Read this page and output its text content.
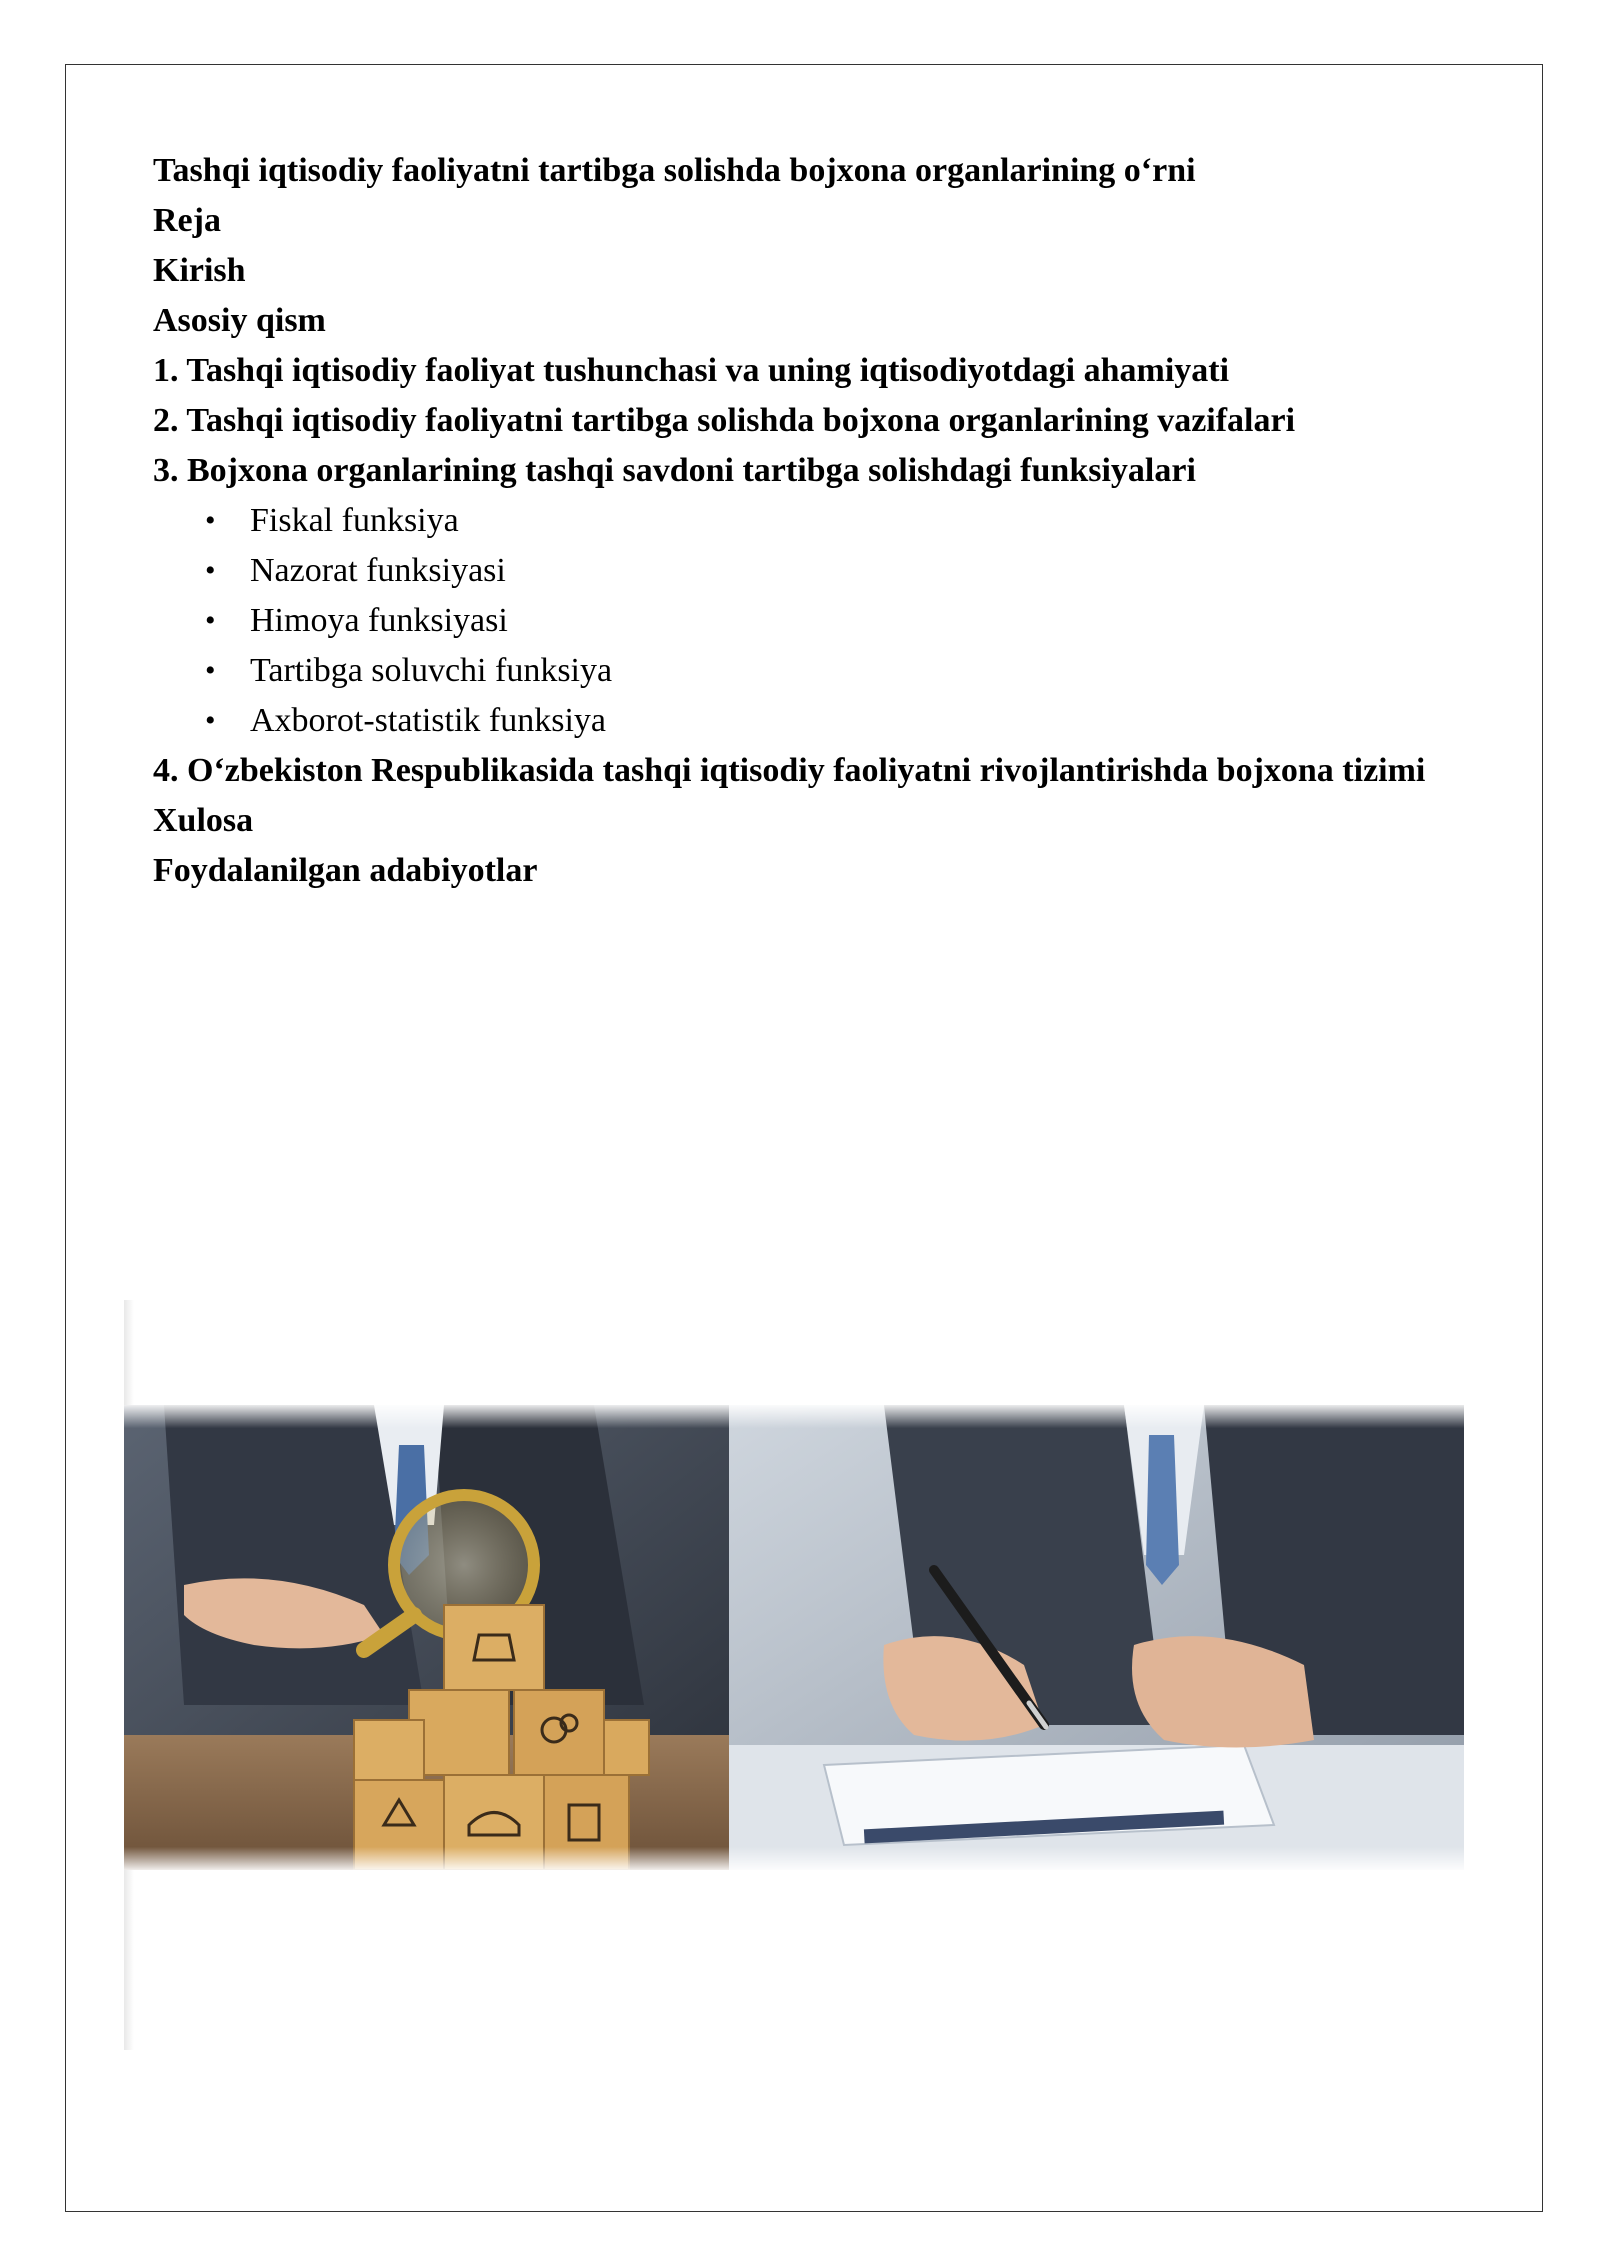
Tashqi iqtisodiy faoliyatni tartibga solishda bojxona organlarining o‘rni

Reja

Kirish

Asosiy qism

1. Tashqi iqtisodiy faoliyat tushunchasi va uning iqtisodiyotdagi ahamiyati

2. Tashqi iqtisodiy faoliyatni tartibga solishda bojxona organlarining vazifalari

3. Bojxona organlarining tashqi savdoni tartibga solishdagi funksiyalari

• Fiskal funksiya
• Nazorat funksiyasi
• Himoya funksiyasi
• Tartibga soluvchi funksiya
• Axborot-statistik funksiya

4. O‘zbekiston Respublikasida tashqi iqtisodiy faoliyatni rivojlantirishda bojxona tizimi

Xulosa

Foydalanilgan adabiyotlar
